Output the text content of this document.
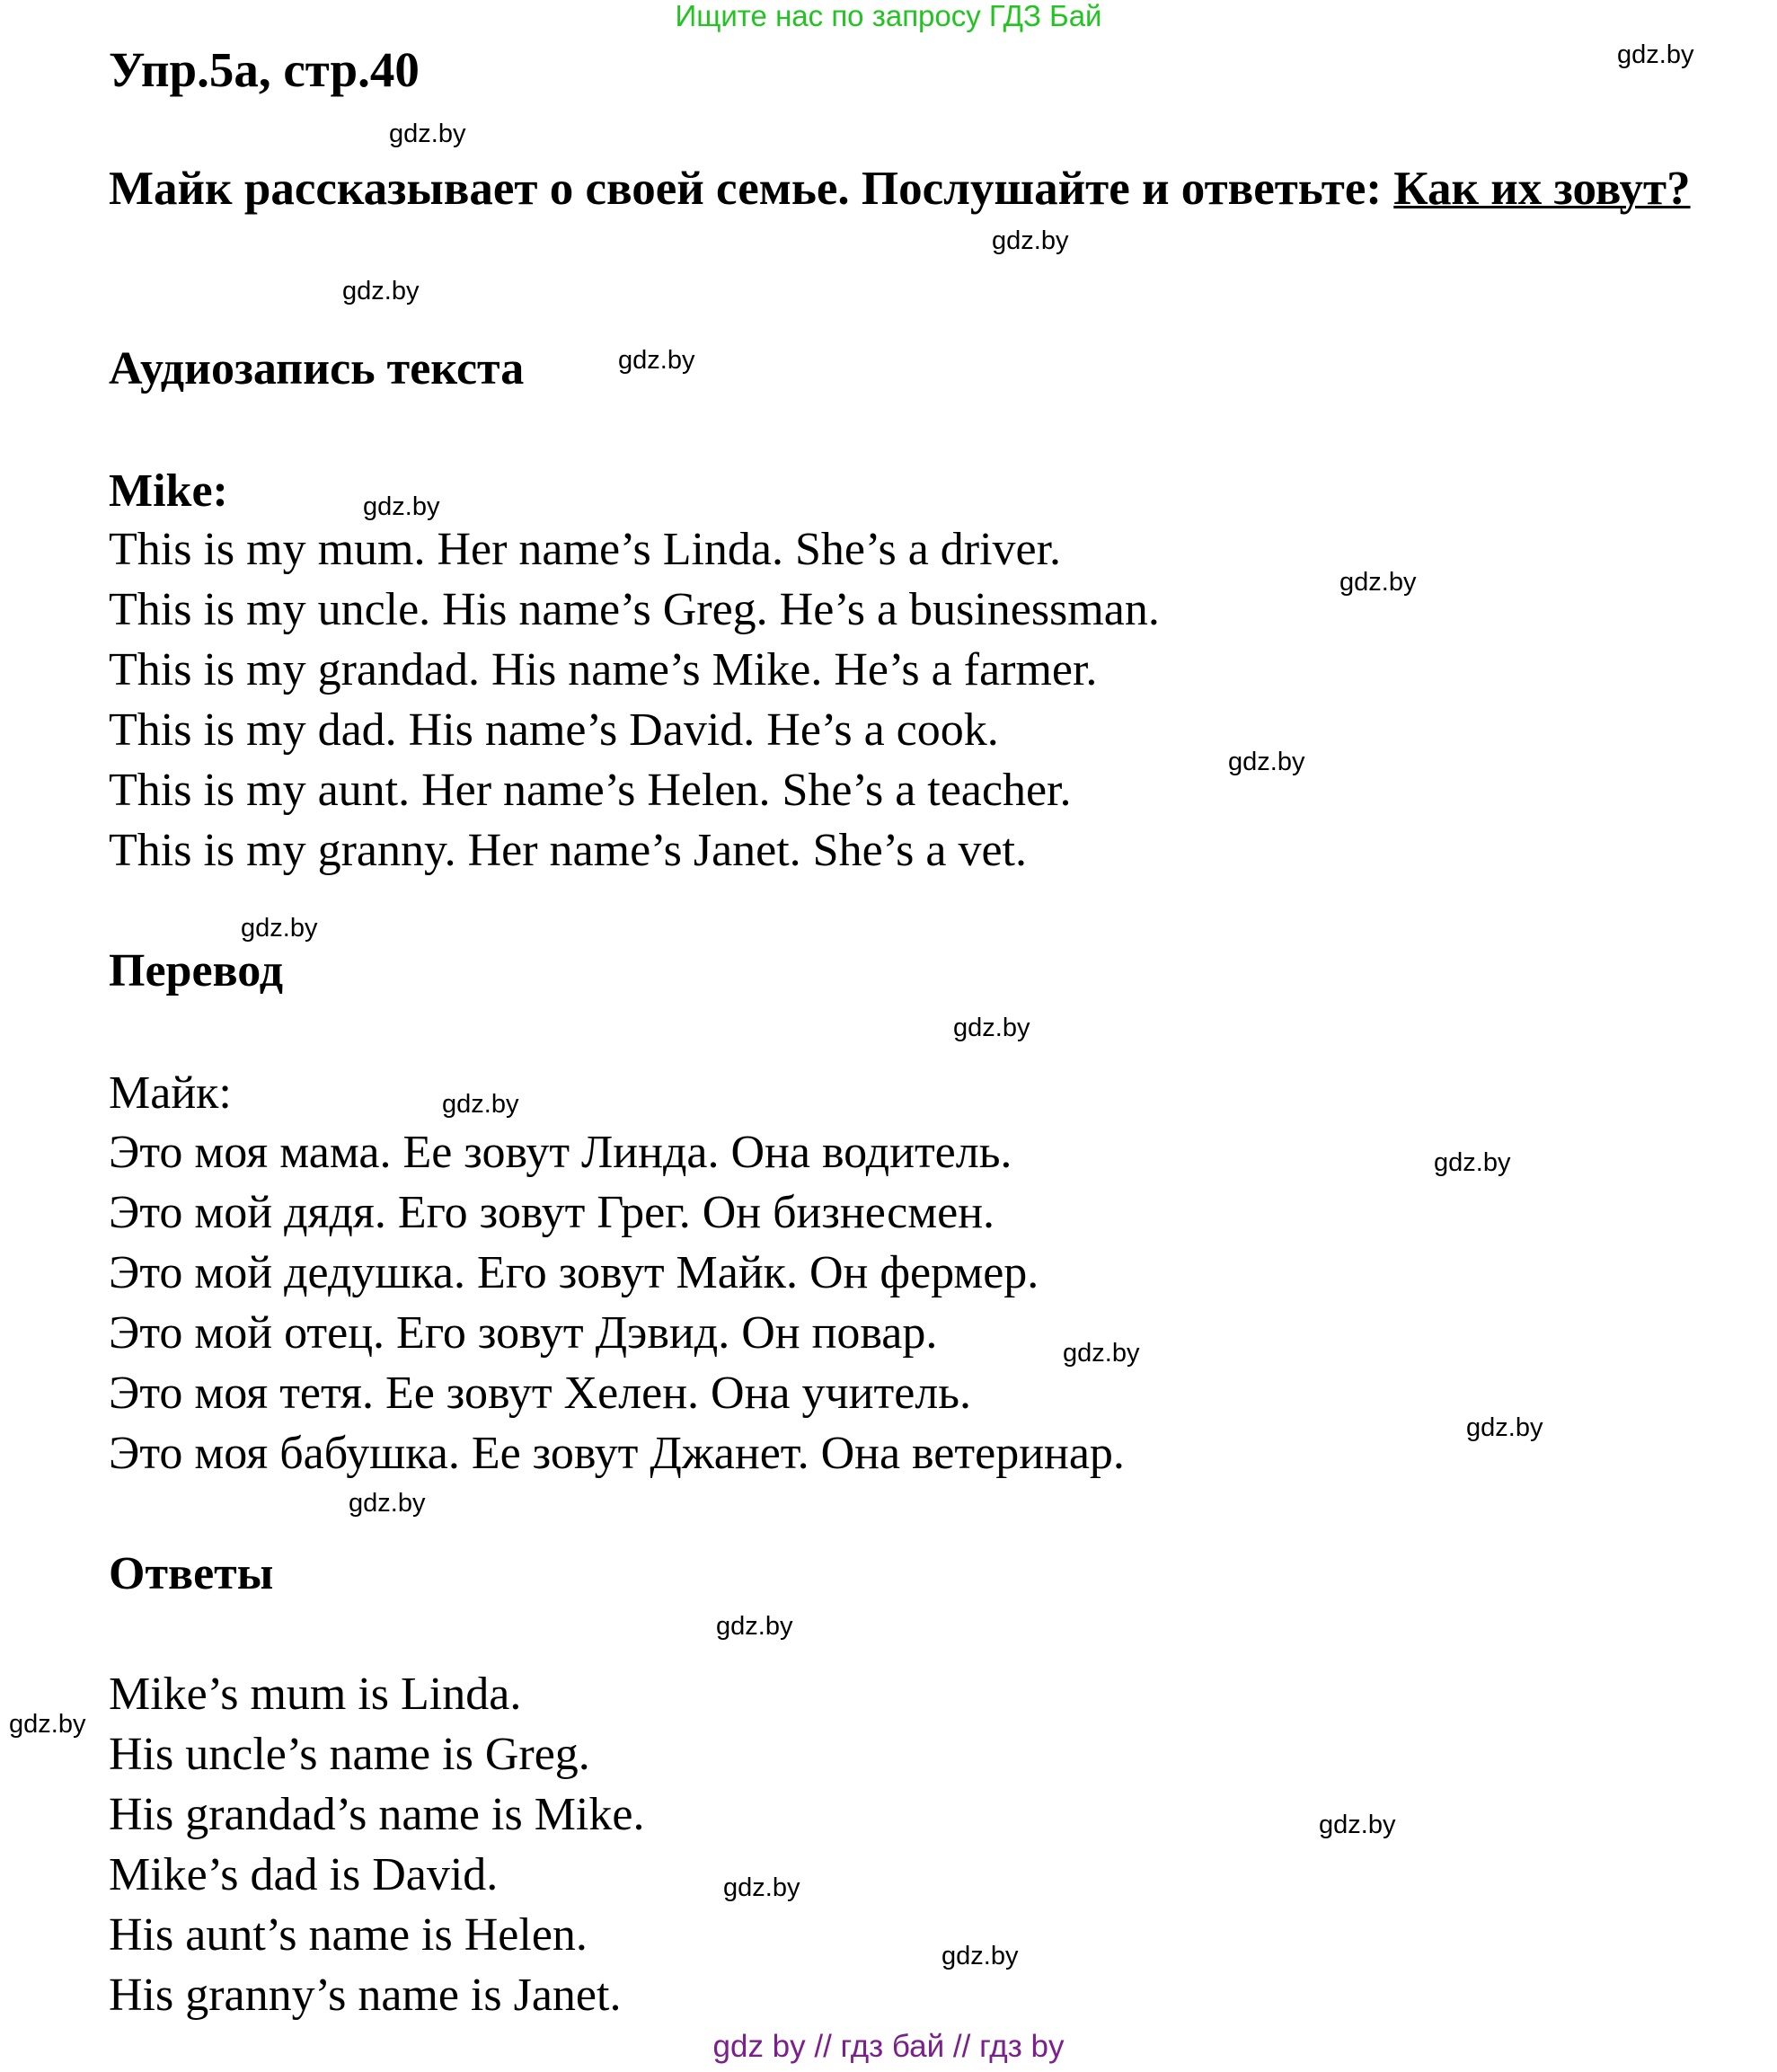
Ищите нас по запросу ГДЗ Бай
Упр.5а, стр.40
Майк рассказывает о своей семье. Послушайте и ответьте: Как их зовут?
Аудиозапись текста
Mike:
This is my mum. Her name’s Linda. She’s a driver.
This is my uncle. His name’s Greg. He’s a businessman.
This is my grandad. His name’s Mike. He’s a farmer.
This is my dad. His name’s David. He’s a cook.
This is my aunt. Her name’s Helen. She’s a teacher.
This is my granny. Her name’s Janet. She’s a vet.
Перевод
Майк:
Это моя мама. Ее зовут Линда. Она водитель.
Это мой дядя. Его зовут Грег. Он бизнесмен.
Это мой дедушка. Его зовут Майк. Он фермер.
Это мой отец. Его зовут Дэвид. Он повар.
Это моя тетя. Ее зовут Хелен. Она учитель.
Это моя бабушка. Ее зовут Джанет. Она ветеринар.
Ответы
Mike’s mum is Linda.
His uncle’s name is Greg.
His grandad’s name is Mike.
Mike’s dad is David.
His aunt’s name is Helen.
His granny’s name is Janet.
gdz.by
gdz.by
gdz.by
gdz.by
gdz.by
gdz.by
gdz.by
gdz.by
gdz.by
gdz.by
gdz.by
gdz.by
gdz.by
gdz.by
gdz.by
gdz.by
gdz.by
gdz.by
gdz.by
gdz.by
gdz by // гдз бай // гдз by
